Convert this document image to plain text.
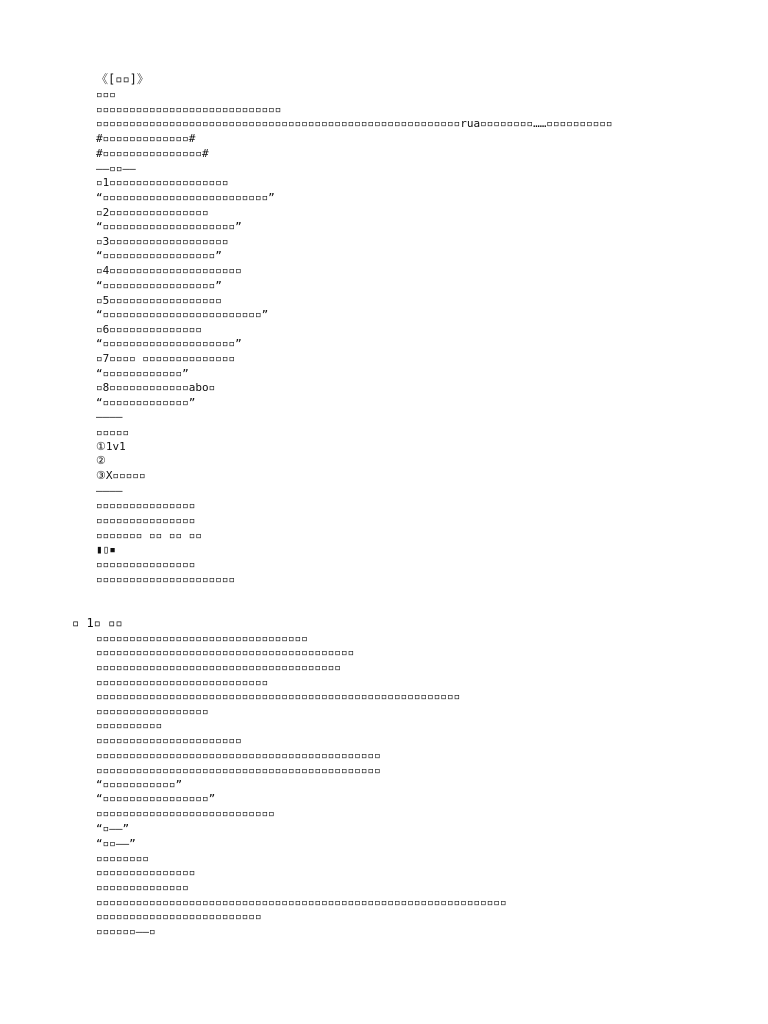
《[▫▫]》
▫▫▫
▫▫▫▫▫▫▫▫▫▫▫▫▫▫▫▫▫▫▫▫▫▫▫▫▫▫▫▫
▫▫▫▫▫▫▫▫▫▫▫▫▫▫▫▫▫▫▫▫▫▫▫▫▫▫▫▫▫▫▫▫▫▫▫▫▫▫▫▫▫▫▫▫▫▫▫▫▫▫▫▫▫▫▫rua▫▫▫▫▫▫▫▫……▫▫▫▫▫▫▫▫▫▫
#▫▫▫▫▫▫▫▫▫▫▫▫▫#
#▫▫▫▫▫▫▫▫▫▫▫▫▫▫▫#
——▫▫——
▫1▫▫▫▫▫▫▫▫▫▫▫▫▫▫▫▫▫▫
“▫▫▫▫▫▫▫▫▫▫▫▫▫▫▫▫▫▫▫▫▫▫▫▫▫”
▫2▫▫▫▫▫▫▫▫▫▫▫▫▫▫▫
“▫▫▫▫▫▫▫▫▫▫▫▫▫▫▫▫▫▫▫▫”
▫3▫▫▫▫▫▫▫▫▫▫▫▫▫▫▫▫▫▫
“▫▫▫▫▫▫▫▫▫▫▫▫▫▫▫▫▫”
▫4▫▫▫▫▫▫▫▫▫▫▫▫▫▫▫▫▫▫▫▫
“▫▫▫▫▫▫▫▫▫▫▫▫▫▫▫▫▫”
▫5▫▫▫▫▫▫▫▫▫▫▫▫▫▫▫▫▫
“▫▫▫▫▫▫▫▫▫▫▫▫▫▫▫▫▫▫▫▫▫▫▫▫”
▫6▫▫▫▫▫▫▫▫▫▫▫▫▫▫
“▫▫▫▫▫▫▫▫▫▫▫▫▫▫▫▫▫▫▫▫”
▫7▫▫▫▫ ▫▫▫▫▫▫▫▫▫▫▫▫▫▫
“▫▫▫▫▫▫▫▫▫▫▫▫”
▫8▫▫▫▫▫▫▫▫▫▫▫▫abo▫
“▫▫▫▫▫▫▫▫▫▫▫▫▫”
————
▫▫▫▫▫
①1v1
②
③X▫▫▫▫▫
————
▫▫▫▫▫▫▫▫▫▫▫▫▫▫▫
▫▫▫▫▫▫▫▫▫▫▫▫▫▫▫
▫▫▫▫▫▫▫ ▫▫ ▫▫ ▫▫
▮▯▪
▫▫▫▫▫▫▫▫▫▫▫▫▫▫▫
▫▫▫▫▫▫▫▫▫▫▫▫▫▫▫▫▫▫▫▫▫
▫ 1▫ ▫▫
▫▫▫▫▫▫▫▫▫▫▫▫▫▫▫▫▫▫▫▫▫▫▫▫▫▫▫▫▫▫▫▫
▫▫▫▫▫▫▫▫▫▫▫▫▫▫▫▫▫▫▫▫▫▫▫▫▫▫▫▫▫▫▫▫▫▫▫▫▫▫▫
▫▫▫▫▫▫▫▫▫▫▫▫▫▫▫▫▫▫▫▫▫▫▫▫▫▫▫▫▫▫▫▫▫▫▫▫▫
▫▫▫▫▫▫▫▫▫▫▫▫▫▫▫▫▫▫▫▫▫▫▫▫▫▫
▫▫▫▫▫▫▫▫▫▫▫▫▫▫▫▫▫▫▫▫▫▫▫▫▫▫▫▫▫▫▫▫▫▫▫▫▫▫▫▫▫▫▫▫▫▫▫▫▫▫▫▫▫▫▫
▫▫▫▫▫▫▫▫▫▫▫▫▫▫▫▫▫
▫▫▫▫▫▫▫▫▫▫
▫▫▫▫▫▫▫▫▫▫▫▫▫▫▫▫▫▫▫▫▫▫
▫▫▫▫▫▫▫▫▫▫▫▫▫▫▫▫▫▫▫▫▫▫▫▫▫▫▫▫▫▫▫▫▫▫▫▫▫▫▫▫▫▫▫
▫▫▫▫▫▫▫▫▫▫▫▫▫▫▫▫▫▫▫▫▫▫▫▫▫▫▫▫▫▫▫▫▫▫▫▫▫▫▫▫▫▫▫
“▫▫▫▫▫▫▫▫▫▫▫”
“▫▫▫▫▫▫▫▫▫▫▫▫▫▫▫▫”
▫▫▫▫▫▫▫▫▫▫▫▫▫▫▫▫▫▫▫▫▫▫▫▫▫▫▫
“▫——”
“▫▫——”
▫▫▫▫▫▫▫▫
▫▫▫▫▫▫▫▫▫▫▫▫▫▫▫
▫▫▫▫▫▫▫▫▫▫▫▫▫▫
▫▫▫▫▫▫▫▫▫▫▫▫▫▫▫▫▫▫▫▫▫▫▫▫▫▫▫▫▫▫▫▫▫▫▫▫▫▫▫▫▫▫▫▫▫▫▫▫▫▫▫▫▫▫▫▫▫▫▫▫▫▫
▫▫▫▫▫▫▫▫▫▫▫▫▫▫▫▫▫▫▫▫▫▫▫▫▫
▫▫▫▫▫▫——▫
